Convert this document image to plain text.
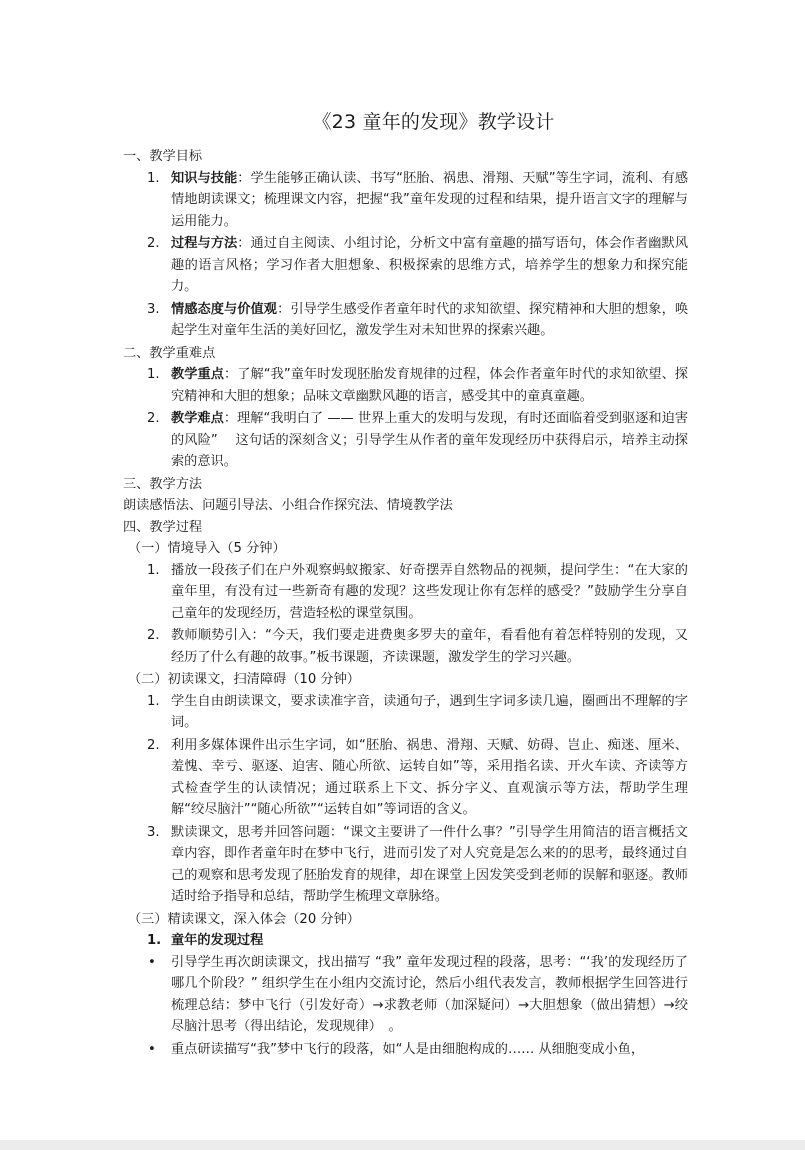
《23 童年的发现》教学设计
一、教学目标
1. 知识与技能：学生能够正确认读、书写“胚胎、祸患、滑翔、天赋”等生字词，流利、有感情地朗读课文；梳理课文内容，把握“我”童年发现的过程和结果，提升语言文字的理解与运用能力。
2. 过程与方法：通过自主阅读、小组讨论，分析文中富有童趣的描写语句，体会作者幽默风趣的语言风格；学习作者大胆想象、积极探索的思维方式，培养学生的想象力和探究能力。
3. 情感态度与价值观：引导学生感受作者童年时代的求知欲望、探究精神和大胆的想象，唤起学生对童年生活的美好回忆，激发学生对未知世界的探索兴趣。
二、教学重难点
1. 教学重点：了解“我”童年时发现胚胎发育规律的过程，体会作者童年时代的求知欲望、探究精神和大胆的想象；品味文章幽默风趣的语言，感受其中的童真童趣。
2. 教学难点：理解“我明白了 —— 世界上重大的发明与发现，有时还面临着受到驱逐和迫害的风险”　 这句话的深刻含义；引导学生从作者的童年发现经历中获得启示，培养主动探索的意识。
三、教学方法
朗读感悟法、问题引导法、小组合作探究法、情境教学法
四、教学过程
（一）情境导入（5 分钟）
1. 播放一段孩子们在户外观察蚂蚁搬家、好奇摆弄自然物品的视频，提问学生：“在大家的童年里，有没有过一些新奇有趣的发现？这些发现让你有怎样的感受？”鼓励学生分享自己童年的发现经历，营造轻松的课堂氛围。
2. 教师顺势引入：“今天，我们要走进费奥多罗夫的童年，看看他有着怎样特别的发现，又经历了什么有趣的故事。”板书课题，齐读课题，激发学生的学习兴趣。
（二）初读课文，扫清障碍（10 分钟）
1. 学生自由朗读课文，要求读准字音，读通句子，遇到生字词多读几遍，圈画出不理解的字词。
2. 利用多媒体课件出示生字词，如“胚胎、祸患、滑翔、天赋、妨碍、岂止、痴迷、厘米、羞愧、幸亏、驱逐、迫害、随心所欲、运转自如”等，采用指名读、开火车读、齐读等方式检查学生的认读情况；通过联系上下文、拆分字义、直观演示等方法，帮助学生理解“绞尽脑汁”“随心所欲”“运转自如”等词语的含义。
3. 默读课文，思考并回答问题：“课文主要讲了一件什么事？”引导学生用简洁的语言概括文章内容，即作者童年时在梦中飞行，进而引发了对人究竟是怎么来的的思考，最终通过自己的观察和思考发现了胚胎发育的规律，却在课堂上因发笑受到老师的误解和驱逐。教师适时给予指导和总结，帮助学生梳理文章脉络。
（三）精读课文，深入体会（20 分钟）
1. 童年的发现过程
• 引导学生再次朗读课文，找出描写 “我” 童年发现过程的段落，思考：“‘我’的发现经历了哪几个阶段？” 组织学生在小组内交流讨论，然后小组代表发言，教师根据学生回答进行梳理总结：梦中飞行（引发好奇）→求教老师（加深疑问）→大胆想象（做出猜想）→绞尽脑汁思考（得出结论，发现规律）　。
• 重点研读描写“我”梦中飞行的段落，如“人是由细胞构成的…… 从细胞变成小鱼，
